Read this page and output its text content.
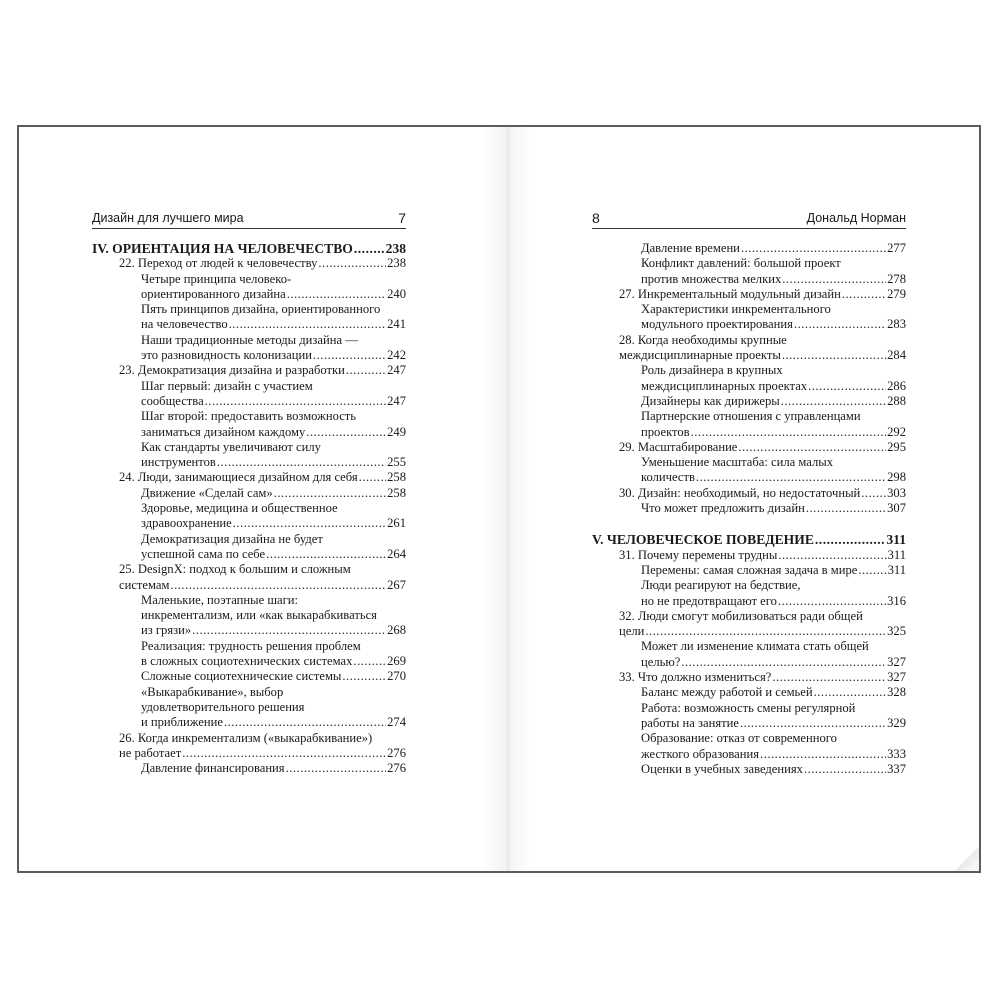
Дизайн для лучшего мира	7
IV. ОРИЕНТАЦИЯ НА ЧЕЛОВЕЧЕСТВО ..... 238
22. Переход от людей к человечеству .....	238
Четыре принципа человеко-
ориентированного дизайна .....	240
Пять принципов дизайна, ориентированного
на человечество .....	241
Наши традиционные методы дизайна —
это разновидность колонизации .....	242
23. Демократизация дизайна и разработки .....	247
Шаг первый: дизайн с участием
сообщества .....	247
Шаг второй: предоставить возможность
заниматься дизайном каждому .....	249
Как стандарты увеличивают силу
инструментов .....	255
24. Люди, занимающиеся дизайном для себя ..... 258
Движение «Сделай сам» .....	258
Здоровье, медицина и общественное
здравоохранение .....	261
Демократизация дизайна не будет
успешной сама по себе .....	264
25. DesignX: подход к большим и сложным
системам .....	267
Маленькие, поэтапные шаги:
инкрементализм, или «как выкарабкиваться
из грязи» .....	268
Реализация: трудность решения проблем
в сложных социотехнических системах .....	269
Сложные социотехнические системы .....	270
«Выкарабкивание», выбор
удовлетворительного решения
и приближение .....	274
26. Когда инкрементализм («выкарабкивание»)
не работает .....	276
Давление финансирования .....	276
8	Дональд Норман
Давление времени .....	277
Конфликт давлений: большой проект
против множества мелких .....	278
27. Инкрементальный модульный дизайн .....	279
Характеристики инкрементального
модульного проектирования .....	283
28. Когда необходимы крупные
междисциплинарные проекты .....	284
Роль дизайнера в крупных
междисциплинарных проектах .....	286
Дизайнеры как дирижеры .....	288
Партнерские отношения с управленцами
проектов .....	292
29. Масштабирование .....	295
Уменьшение масштаба: сила малых
количеств .....	298
30. Дизайн: необходимый, но недостаточный ..... 303
Что может предложить дизайн .....	307
V. ЧЕЛОВЕЧЕСКОЕ ПОВЕДЕНИЕ .....	311
31. Почему перемены трудны .....	311
Перемены: самая сложная задача в мире ..... 311
Люди реагируют на бедствие,
но не предотвращают его .....	316
32. Люди смогут мобилизоваться ради общей
цели .....	325
Может ли изменение климата стать общей
целью? .....	327
33. Что должно измениться? .....	327
Баланс между работой и семьей .....	328
Работа: возможность смены регулярной
работы на занятие .....	329
Образование: отказ от современного
жесткого образования .....	333
Оценки в учебных заведениях .....	337
